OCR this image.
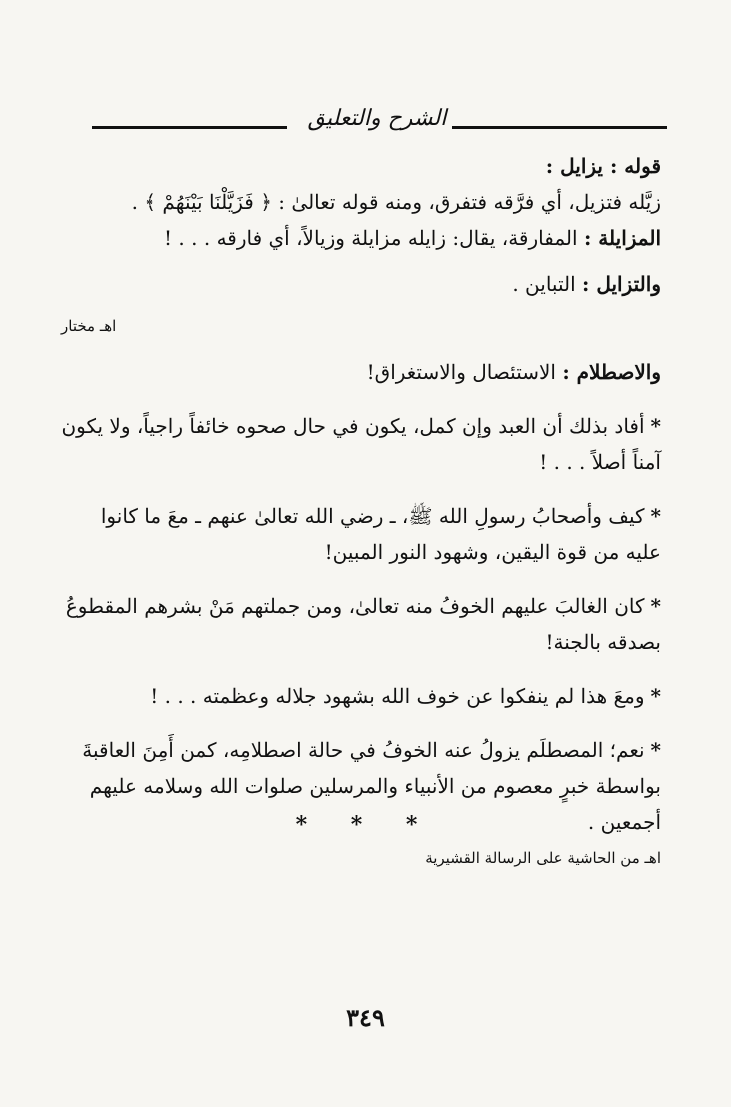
الشرح والتعليق

قوله : يزايل :

زيَّله فتزيل، أي فرَّقه فتفرق، ومنه قوله تعالىٰ : ﴿ فَزَيَّلْنَا بَيْنَهُمْ ﴾ .

المزايلة : المفارقة، يقال: زايله مزايلة وزيالاً، أي فارقه . . . !

والتزايل : التباين .

اهـ مختار

والاصطلام : الاستئصال والاستغراق!

*أفاد بذلك أن العبد وإن كمل، يكون في حال صحوه خائفاً راجياً، ولا يكون آمناً أصلاً . . . !

*كيف وأصحابُ رسولِ الله ﷺ، ـ رضي الله تعالىٰ عنهم ـ معَ ما كانوا عليه من قوة اليقين، وشهود النور المبين!

*كان الغالبَ عليهم الخوفُ منه تعالىٰ، ومن جملتهم مَنْ بشرهم المقطوعُ بصدقه بالجنة!

*ومعَ هذا لم ينفكوا عن خوف الله بشهود جلاله وعظمته . . . !

*نعم؛ المصطلَم يزولُ عنه الخوفُ في حالة اصطلامِه، كمن أَمِنَ العاقبةَ بواسطة خبرٍ معصوم من الأنبياء والمرسلين صلوات الله وسلامه عليهم أجمعين .

اهـ من الحاشية على الرسالة القشيرية

* * *
٣٤٩
